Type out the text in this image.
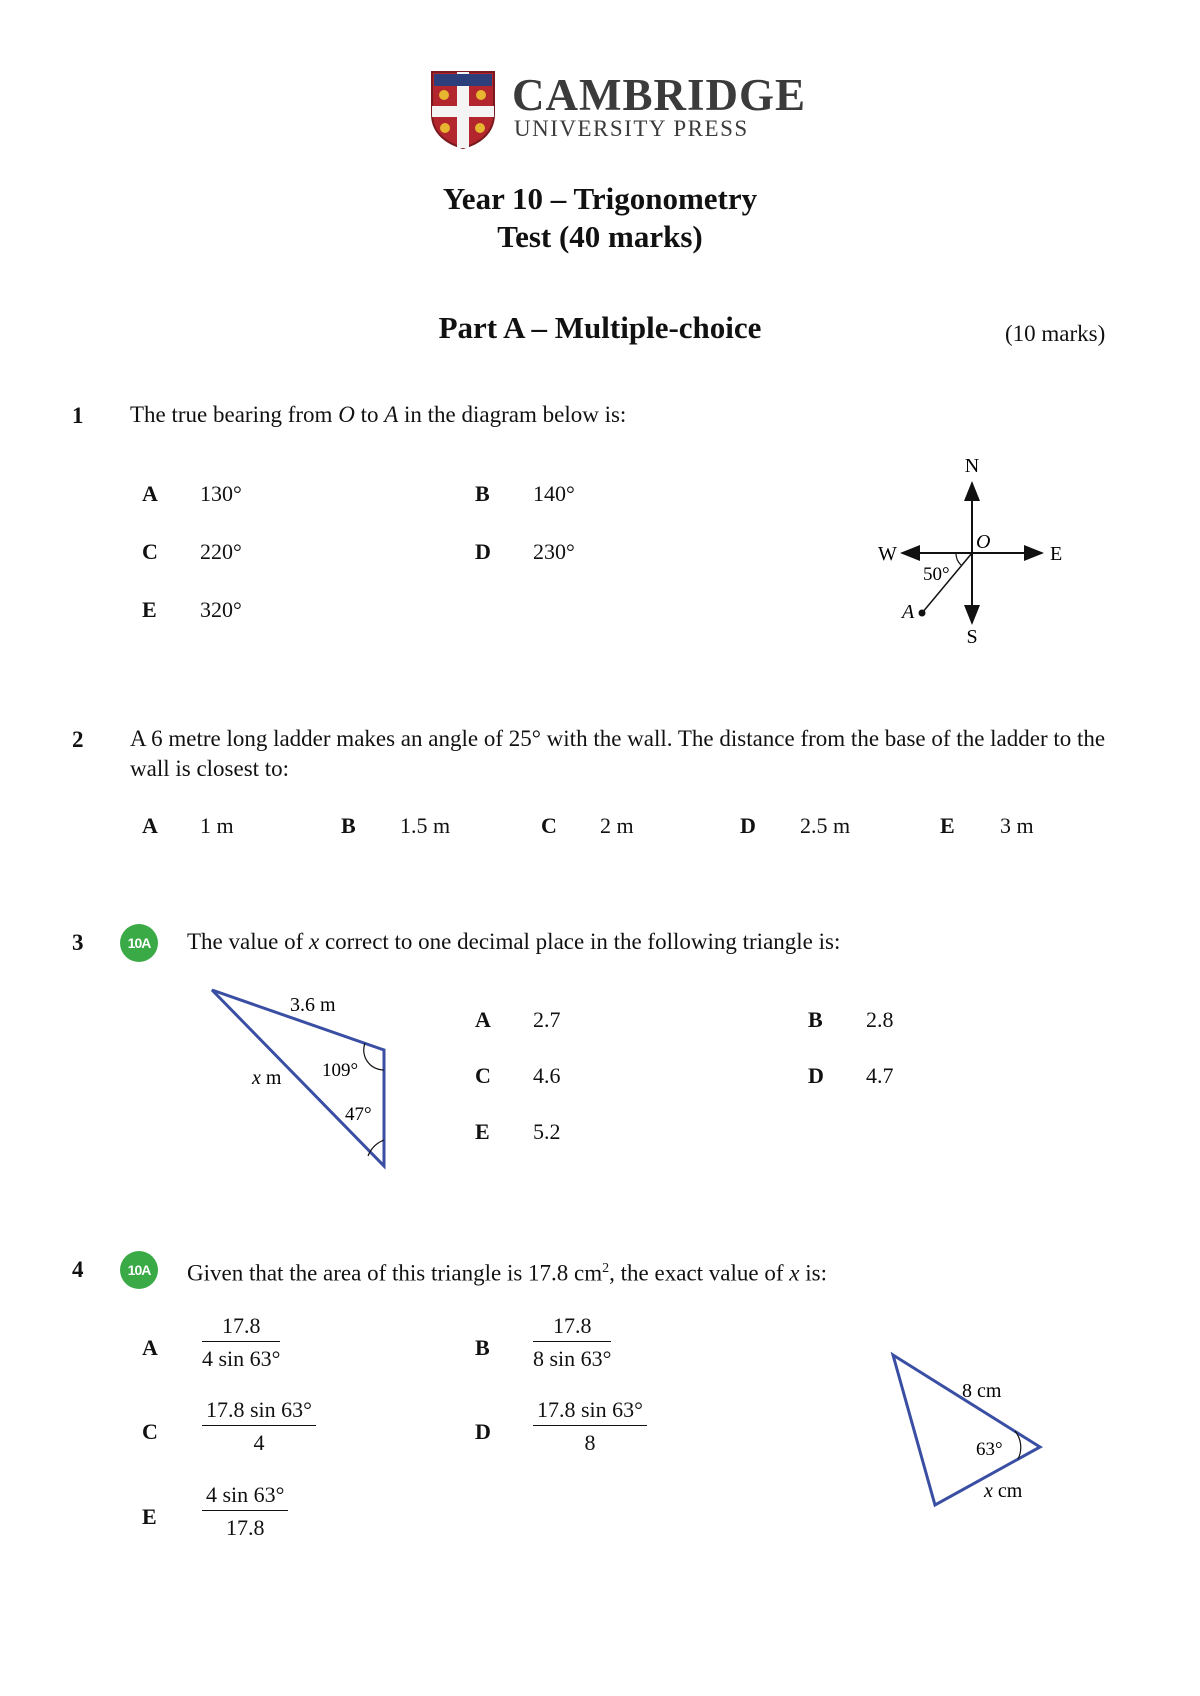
CAMBRIDGE
UNIVERSITY PRESS
Year 10 – Trigonometry
Test (40 marks)
Part A – Multiple-choice	(10 marks)
1 The true bearing from O to A in the diagram below is:
A 130°	B 140°
C 220°	D 230°
E 320°
N
S
E
W
O
A
50°
2 A 6 metre long ladder makes an angle of 25° with the wall. The distance from the base of the ladder to the wall is closest to:
A 1 m	B 1.5 m	C 2 m	D 2.5 m	E 3 m
3	10A	The value of x correct to one decimal place in the following triangle is:
3.6 m
x m 109°
47°
A 2.7	B 2.8
C 4.6	D 4.7
E 5.2
4	10A	Given that the area of this triangle is 17.8 $cm^2$, the exact value of x is:
A $\frac{17.8}{4 \sin 63^\circ}$	B $\frac{17.8}{8 \sin 63^\circ}$
C $\frac{17.8 \sin 63^\circ}{4}$	D $\frac{17.8 \sin 63^\circ}{8}$
E $\frac{4 \sin 63^\circ}{17.8}$
8 cm
63°
x cm
